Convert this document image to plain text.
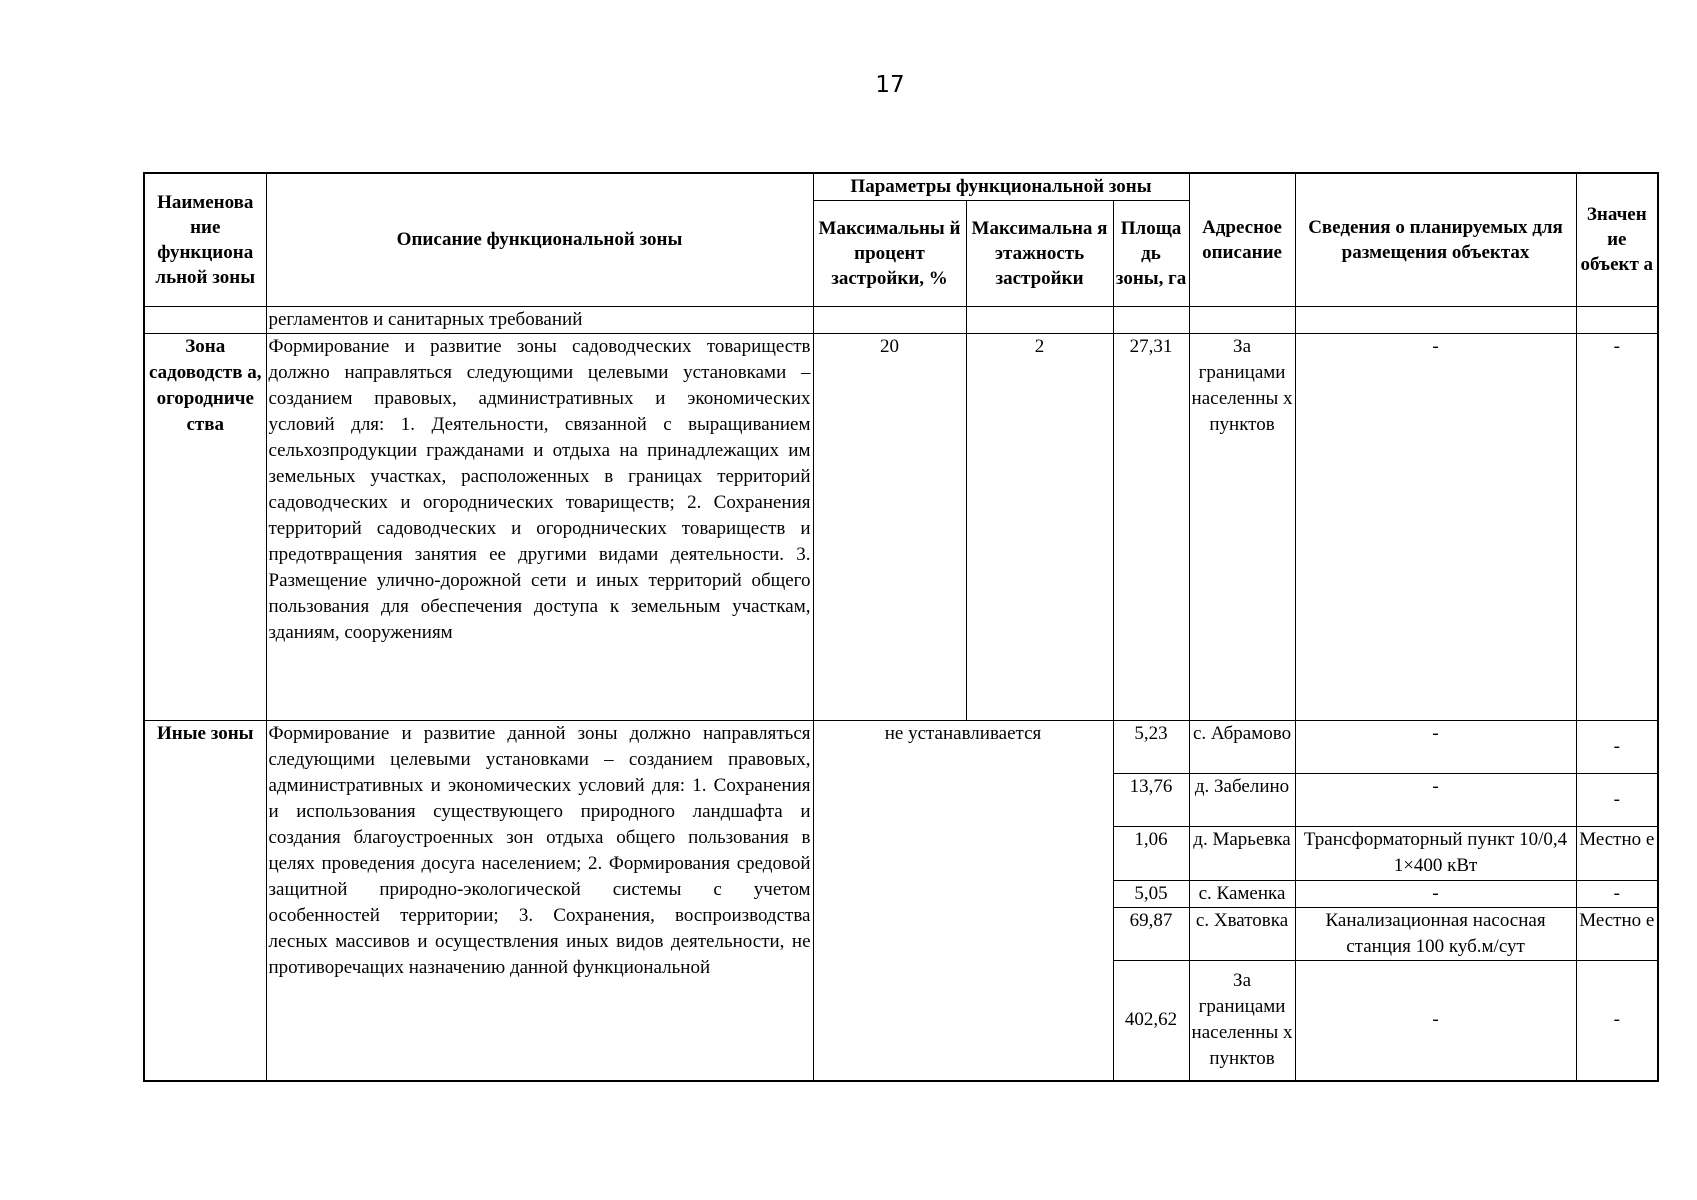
17
Наименова ние функциона льной зоны	Описание функциональной зоны	Параметры функциональной зоны			Адресное описание	Сведения о планируемых для размещения объектах	Значен ие объект а
		Максимальны й процент застройки, %	Максимальна я этажность застройки	Площа дь зоны, га			
	регламентов и санитарных требований						
Зона садоводств а, огородниче ства	Формирование и развитие зоны садоводческих товариществ должно направляться следующими целевыми установками – созданием правовых, административных и экономических условий для: 1. Деятельности, связанной с выращиванием сельхозпродукции гражданами и отдыха на принадлежащих им земельных участках, расположенных в границах территорий садоводческих и огороднических товариществ; 2. Сохранения территорий садоводческих и огороднических товариществ и предотвращения занятия ее другими видами деятельности. 3. Размещение улично-дорожной сети и иных территорий общего пользования для обеспечения доступа к земельным участкам, зданиям, сооружениям	20	2	27,31	За границами населенны х пунктов	-	-
Иные зоны	Формирование и развитие данной зоны должно направляться следующими целевыми установками – созданием правовых, административных и экономических условий для: 1. Сохранения и использования существующего природного ландшафта и создания благоустроенных зон отдыха общего пользования в целях проведения досуга населением; 2. Формирования средовой защитной природно-экологической системы с учетом особенностей территории; 3. Сохранения, воспроизводства лесных массивов и осуществления иных видов деятельности, не противоречащих назначению данной функциональной	не устанавливается		5,23	с. Абрамово	-	-
				13,76	д. Забелино	-	-
				1,06	д. Марьевка	Трансформаторный пункт 10/0,4 1×400 кВт	Местно е
				5,05	с. Каменка	-	-
				69,87	с. Хватовка	Канализационная насосная станция 100 куб.м/сут	Местно е
				402,62	За границами населенны х пунктов	-	-
